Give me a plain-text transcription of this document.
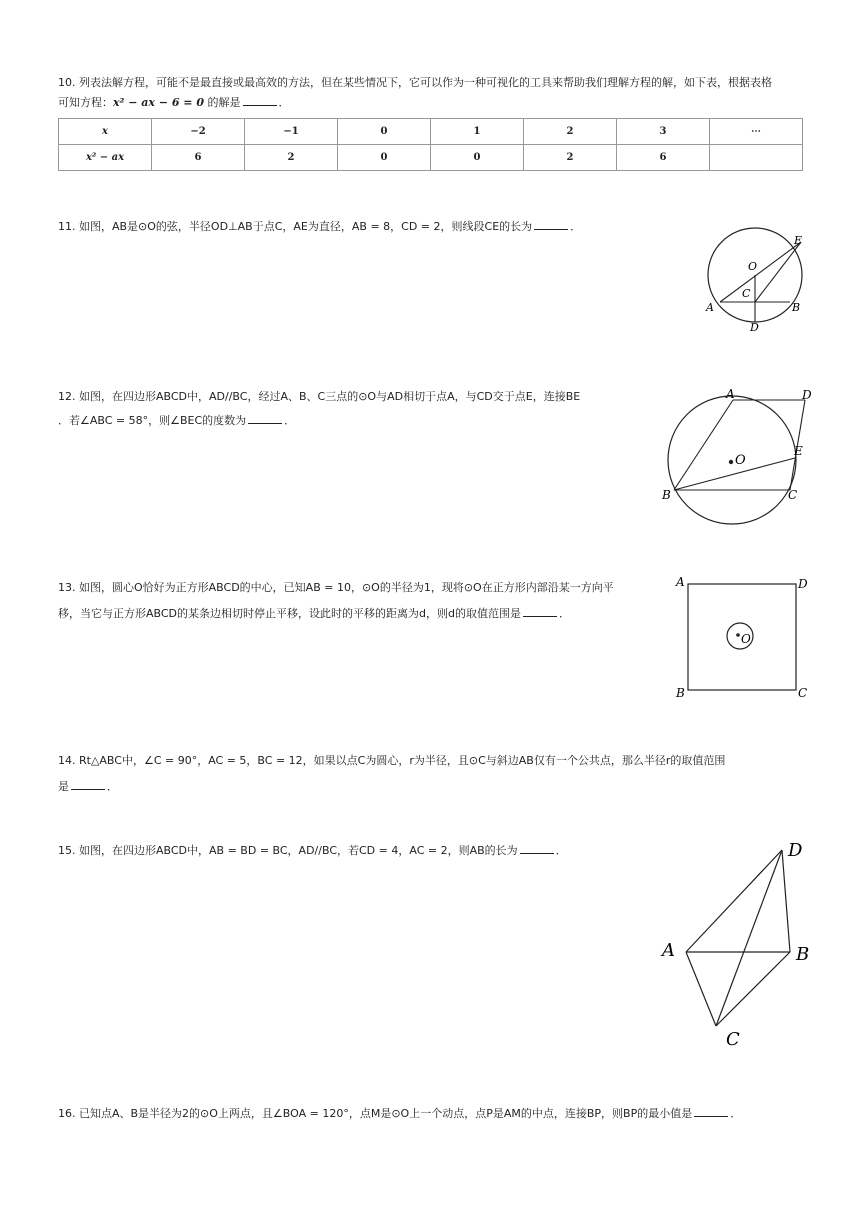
10. 列表法解方程，可能不是最直接或最高效的方法，但在某些情况下，它可以作为一种可视化的工具来帮助我们理解方程的解，如下表，根据表格
可知方程：x² − ax − 6 = 0 的解是	．
x	−2	−1	0	1	2	3	⋯
x² − ax	6	2	0	0	2	6	
11. 如图，AB是⊙O的弦，半径OD⊥AB于点C，AE为直径，AB = 8，CD = 2，则线段CE的长为	．
E
O
C
A	B
D
12. 如图，在四边形ABCD中，AD//BC，经过A、B、C三点的⊙O与AD相切于点A，与CD交于点E，连接BE
．若∠ABC = 58°，则∠BEC的度数为	．
A	D
O
E
B	C
13. 如图，圆心O恰好为正方形ABCD的中心，已知AB = 10，⊙O的半径为1，现将⊙O在正方形内部沿某一方向平
移，当它与正方形ABCD的某条边相切时停止平移，设此时的平移的距离为d，则d的取值范围是	．
A	D
B	C
O
14. Rt△ABC中，∠C = 90°，AC = 5，BC = 12，如果以点C为圆心，r为半径，且⊙C与斜边AB仅有一个公共点，那么半径r的取值范围
是	．
15. 如图，在四边形ABCD中，AB = BD = BC，AD//BC，若CD = 4，AC = 2，则AB的长为	．	D
A	B
C
16. 已知点A、B是半径为2的⊙O上两点，且∠BOA = 120°，点M是⊙O上一个动点，点P是AM的中点，连接BP，则BP的最小值是	．
